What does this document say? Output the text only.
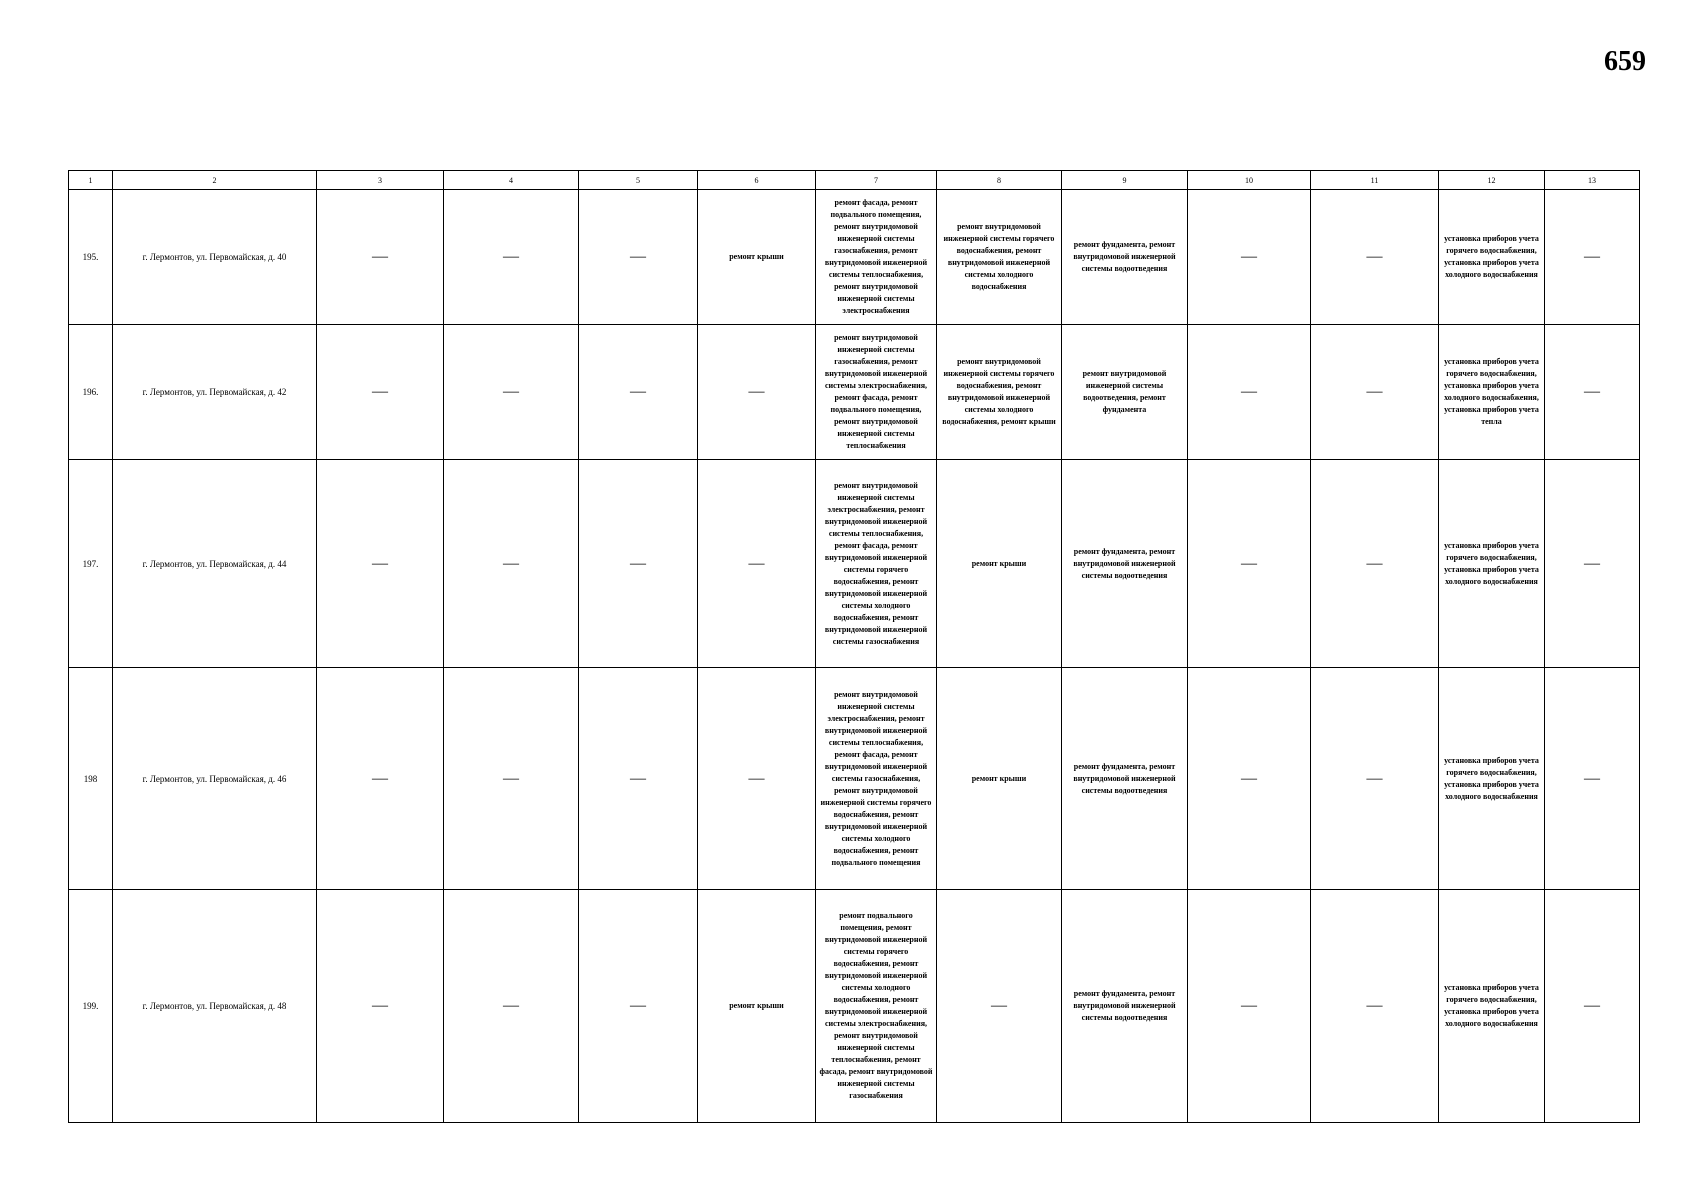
659
1	2	3	4	5	6	7	8	9	10	11	12	13
195.	г. Лермонтов, ул. Первомайская, д. 40	—	—	—	ремонт крыши	ремонт фасада, ремонт подвального помещения, ремонт внутридомовой инженерной системы газоснабжения, ремонт внутридомовой инженерной системы теплоснабжения, ремонт внутридомовой инженерной системы электроснабжения	ремонт внутридомовой инженерной системы горячего водоснабжения, ремонт внутридомовой инженерной системы холодного водоснабжения	ремонт фундамента, ремонт внутридомовой инженерной системы водоотведения	—	—	установка приборов учета горячего водоснабжения, установка приборов учета холодного водоснабжения	—
196.	г. Лермонтов, ул. Первомайская, д. 42	—	—	—	—	ремонт внутридомовой инженерной системы газоснабжения, ремонт внутридомовой инженерной системы электроснабжения, ремонт фасада, ремонт подвального помещения, ремонт внутридомовой инженерной системы теплоснабжения	ремонт внутридомовой инженерной системы горячего водоснабжения, ремонт внутридомовой инженерной системы холодного водоснабжения, ремонт крыши	ремонт внутридомовой инженерной системы водоотведения, ремонт фундамента	—	—	установка приборов учета горячего водоснабжения, установка приборов учета холодного водоснабжения, установка приборов учета тепла	—
197.	г. Лермонтов, ул. Первомайская, д. 44	—	—	—	—	ремонт внутридомовой инженерной системы электроснабжения, ремонт внутридомовой инженерной системы теплоснабжения, ремонт фасада, ремонт внутридомовой инженерной системы горячего водоснабжения, ремонт внутридомовой инженерной системы холодного водоснабжения, ремонт внутридомовой инженерной системы газоснабжения	ремонт крыши	ремонт фундамента, ремонт внутридомовой инженерной системы водоотведения	—	—	установка приборов учета горячего водоснабжения, установка приборов учета холодного водоснабжения	—
198	г. Лермонтов, ул. Первомайская, д. 46	—	—	—	—	ремонт внутридомовой инженерной системы электроснабжения, ремонт внутридомовой инженерной системы теплоснабжения, ремонт фасада, ремонт внутридомовой инженерной системы газоснабжения, ремонт внутридомовой инженерной системы горячего водоснабжения, ремонт внутридомовой инженерной системы холодного водоснабжения, ремонт подвального помещения	ремонт крыши	ремонт фундамента, ремонт внутридомовой инженерной системы водоотведения	—	—	установка приборов учета горячего водоснабжения, установка приборов учета холодного водоснабжения	—
199.	г. Лермонтов, ул. Первомайская, д. 48	—	—	—	ремонт крыши	ремонт подвального помещения, ремонт внутридомовой инженерной системы горячего водоснабжения, ремонт внутридомовой инженерной системы холодного водоснабжения, ремонт внутридомовой инженерной системы электроснабжения, ремонт внутридомовой инженерной системы теплоснабжения, ремонт фасада, ремонт внутридомовой инженерной системы газоснабжения	—	ремонт фундамента, ремонт внутридомовой инженерной системы водоотведения	—	—	установка приборов учета горячего водоснабжения, установка приборов учета холодного водоснабжения	—
